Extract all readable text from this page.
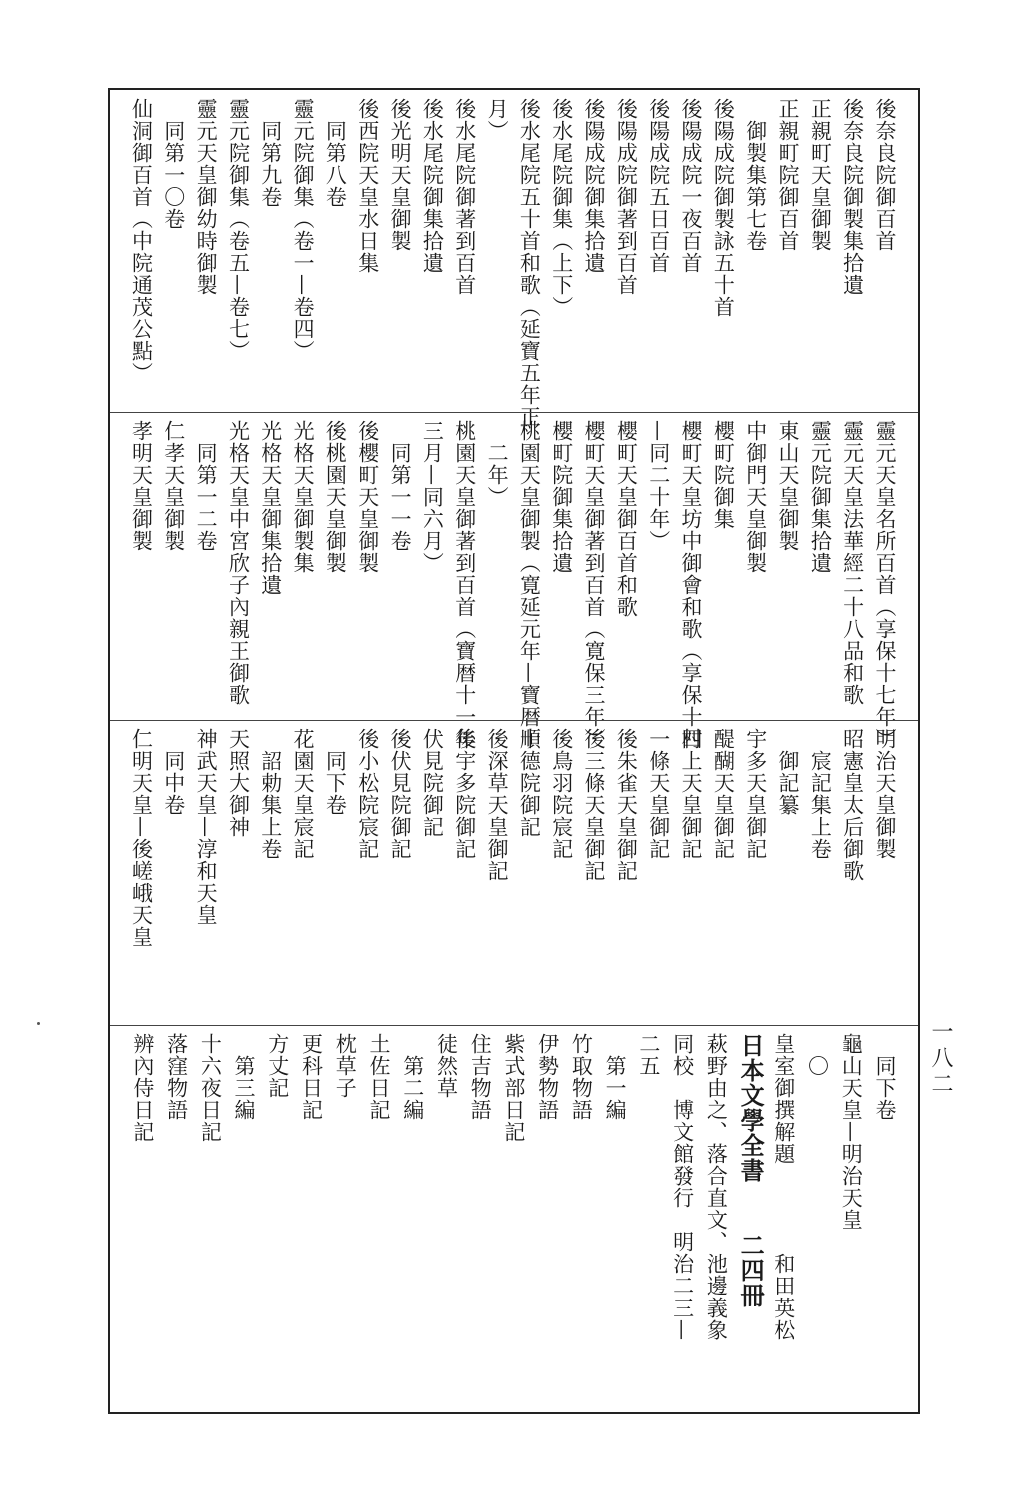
後奈良院御百首
後奈良院御製集拾遺
正親町天皇御製
正親町院御百首
御製集第七卷
後陽成院御製詠五十首
後陽成院一夜百首
後陽成院五日百首
後陽成院御著到百首
後陽成院御集拾遺
後水尾院御集（上下）
後水尾院五十首和歌（延寶五年正
月）
後水尾院御著到百首
後水尾院御集拾遺
後光明天皇御製
後西院天皇水日集
同第八卷
靈元院御集（卷一—卷四）
同第九卷
靈元院御集（卷五—卷七）
靈元天皇御幼時御製
同第一〇卷
仙洞御百首（中院通茂公點）
靈元天皇名所百首（享保十七年）
靈元天皇法華經二十八品和歌
靈元院御集拾遺
東山天皇御製
中御門天皇御製
櫻町院御集
櫻町天皇坊中御會和歌（享保十四
—同二十年）
櫻町天皇御百首和歌
櫻町天皇御著到百首（寛保三年）
櫻町院御集拾遺
桃園天皇御製（寛延元年—寶暦十
二年）
桃園天皇御著到百首（寶暦十一年
三月—同六月）
同第一一卷
後櫻町天皇御製
後桃園天皇御製
光格天皇御製集
光格天皇御集拾遺
光格天皇中宮欣子內親王御歌
同第一二卷
仁孝天皇御製
孝明天皇御製
明治天皇御製
昭憲皇太后御歌
宸記集上卷
御記纂
宇多天皇御記
醍醐天皇御記
村上天皇御記
一條天皇御記
後朱雀天皇御記
後三條天皇御記
後鳥羽院宸記
順德院御記
後深草天皇御記
後宇多院御記
伏見院御記
後伏見院御記
後小松院宸記
同下卷
花園天皇宸記
詔勅集上卷
天照大御神
神武天皇—淳和天皇
同中卷
仁明天皇—後嵯峨天皇
同下卷
龜山天皇—明治天皇
〇
皇室御撰解題　　　　和田英松
日本文學全書　　二四冊
萩野由之、落合直文、池邊義象
同校　博文館發行　明治二三—
二五
第一編
竹取物語
伊勢物語
紫式部日記
住吉物語
徒然草
第二編
土佐日記
枕草子
更科日記
方丈記
第三編
十六夜日記
落窪物語
辨內侍日記	一八二
